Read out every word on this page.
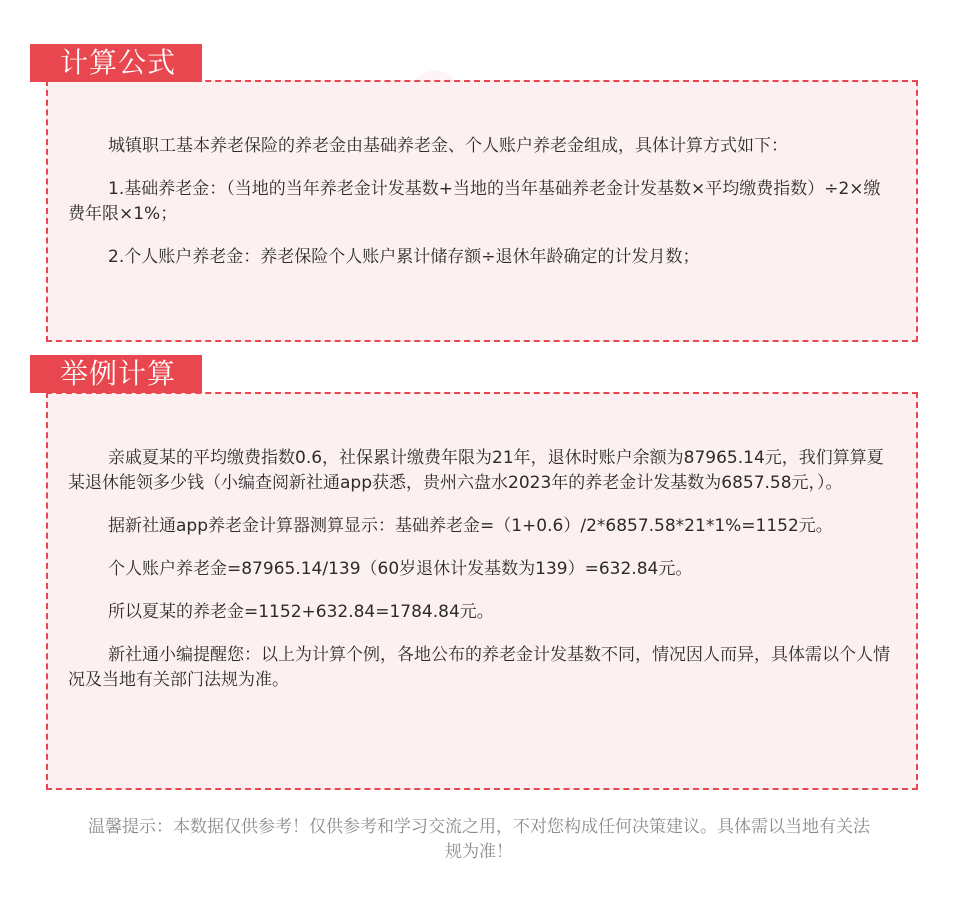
城镇职工基本养老保险的养老金由基础养老金、个人账户养老金组成，具体计算方式如下：

1.基础养老金：（当地的当年养老金计发基数+当地的当年基础养老金计发基数×平均缴费指数）÷2×缴费年限×1%；

2.个人账户养老金：养老保险个人账户累计储存额÷退休年龄确定的计发月数；

计算公式

亲戚夏某的平均缴费指数0.6，社保累计缴费年限为21年，退休时账户余额为87965.14元，我们算算夏某退休能领多少钱（小编查阅新社通app获悉，贵州六盘水2023年的养老金计发基数为6857.58元，）。

据新社通app养老金计算器测算显示：基础养老金=（1+0.6）/2*6857.58*21*1%=1152元。

个人账户养老金=87965.14/139（60岁退休计发基数为139）=632.84元。

所以夏某的养老金=1152+632.84=1784.84元。

新社通小编提醒您：以上为计算个例，各地公布的养老金计发基数不同，情况因人而异，具体需以个人情况及当地有关部门法规为准。

举例计算
温馨提示：本数据仅供参考！仅供参考和学习交流之用，不对您构成任何决策建议。具体需以当地有关法
规为准！
